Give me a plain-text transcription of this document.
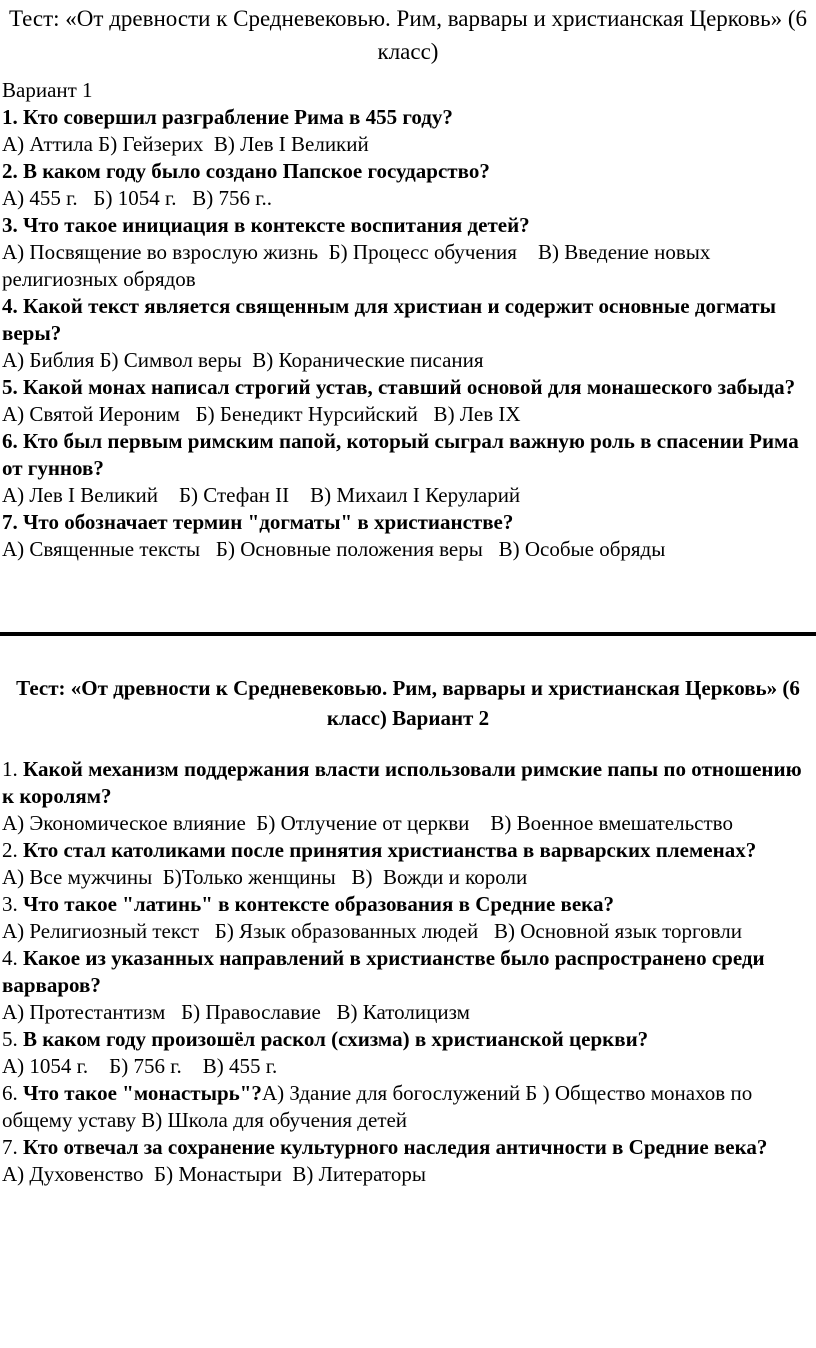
Тест: «От древности к Средневековью. Рим, варвары и христианская Церковь» (6 класс)
Вариант 1
1. Кто совершил разграбление Рима в 455 году?
А) Аттила Б) Гейзерих  В) Лев I Великий
2. В каком году было создано Папское государство?
А) 455 г.   Б) 1054 г.   В) 756 г..
3. Что такое инициация в контексте воспитания детей?
А) Посвящение во взрослую жизнь  Б) Процесс обучения    В) Введение новых религиозных обрядов
4. Какой текст является священным для христиан и содержит основные догматы веры?
А) Библия Б) Символ веры  В) Коранические писания
5. Какой монах написал строгий устав, ставший основой для монашеского забыда?
А) Святой Иероним   Б) Бенедикт Нурсийский   В) Лев IX
6. Кто был первым римским папой, который сыграл важную роль в спасении Рима от гуннов?
А) Лев I Великий    Б) Стефан II    В) Михаил I Керуларий
7. Что обозначает термин "догматы" в христианстве?
А) Священные тексты   Б) Основные положения веры   В) Особые обряды
Тест: «От древности к Средневековью. Рим, варвары и христианская Церковь» (6 класс) Вариант 2
1. Какой механизм поддержания власти использовали римские папы по отношению к королям?
А) Экономическое влияние  Б) Отлучение от церкви    В) Военное вмешательство
2. Кто стал католиками после принятия христианства в варварских племенах?
А) Все мужчины  Б)Только женщины   В)  Вожди и короли
3. Что такое "латинь" в контексте образования в Средние века?
А) Религиозный текст   Б) Язык образованных людей   В) Основной язык торговли
4. Какое из указанных направлений в христианстве было распространено среди варваров?
А) Протестантизм   Б) Православие   В) Католицизм
5. В каком году произошёл раскол (схизма) в христианской церкви?
А) 1054 г.    Б) 756 г.    В) 455 г.
6. Что такое "монастырь"?А) Здание для богослужений Б ) Общество монахов по общему уставу В) Школа для обучения детей
7. Кто отвечал за сохранение культурного наследия античности в Средние века?
А) Духовенство  Б) Монастыри  В) Литераторы
